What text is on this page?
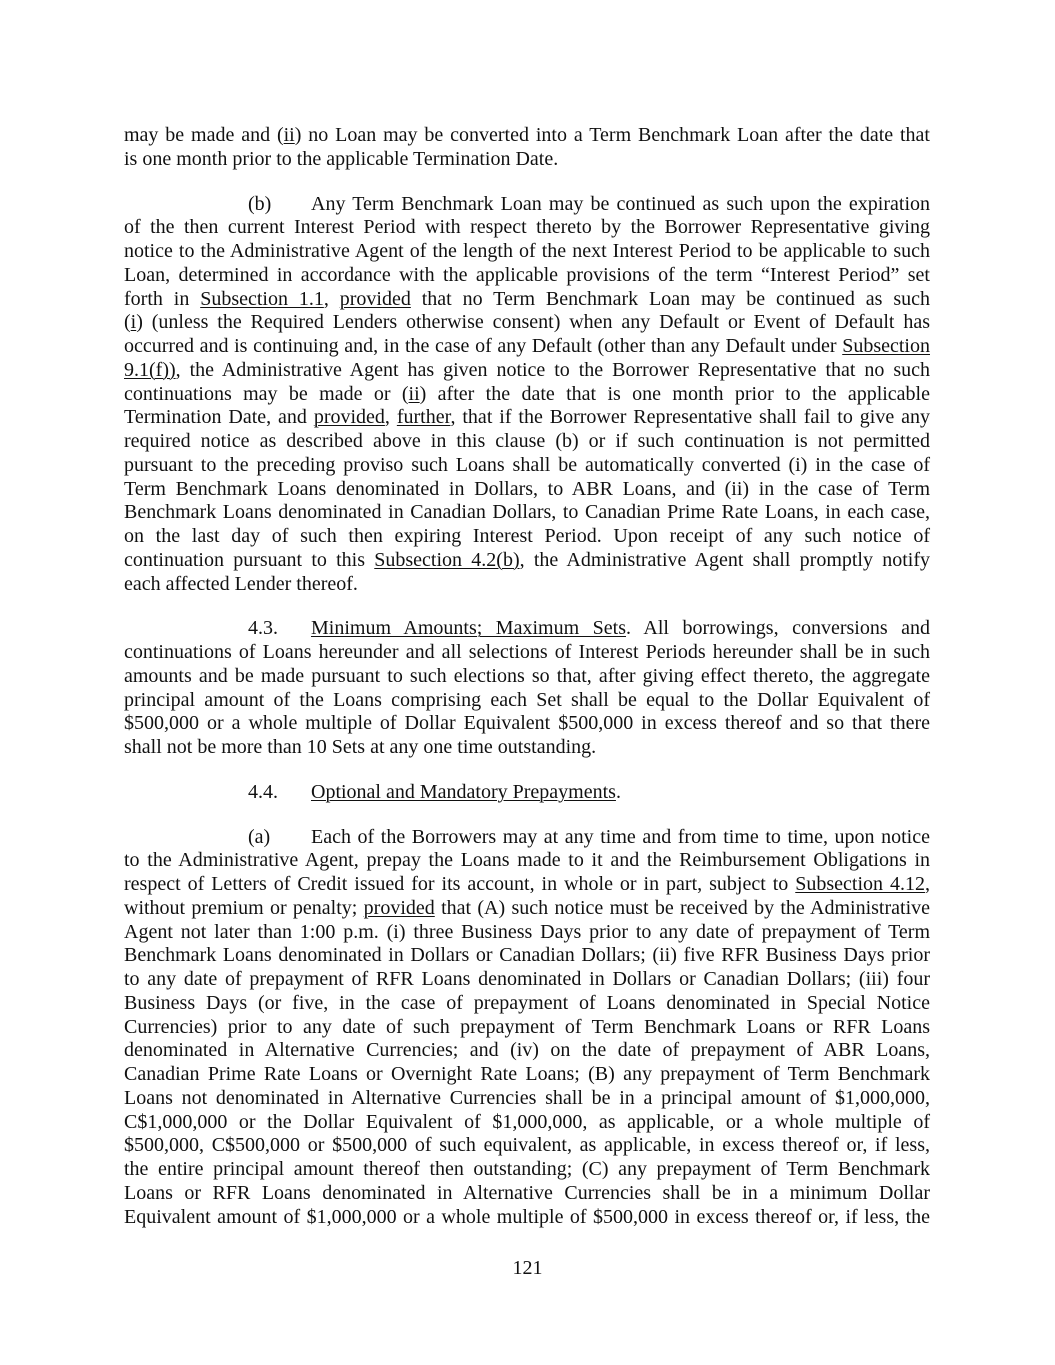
may be made and (ii) no Loan may be converted into a Term Benchmark Loan after the date that
is one month prior to the applicable Termination Date.
(b) Any Term Benchmark Loan may be continued as such upon the expiration
of the then current Interest Period with respect thereto by the Borrower Representative giving
notice to the Administrative Agent of the length of the next Interest Period to be applicable to such
Loan, determined in accordance with the applicable provisions of the term “Interest Period” set
forth in Subsection 1.1, provided that no Term Benchmark Loan may be continued as such
(i) (unless the Required Lenders otherwise consent) when any Default or Event of Default has
occurred and is continuing and, in the case of any Default (other than any Default under Subsection
9.1(f)), the Administrative Agent has given notice to the Borrower Representative that no such
continuations may be made or (ii) after the date that is one month prior to the applicable
Termination Date, and provided, further, that if the Borrower Representative shall fail to give any
required notice as described above in this clause (b) or if such continuation is not permitted
pursuant to the preceding proviso such Loans shall be automatically converted (i) in the case of
Term Benchmark Loans denominated in Dollars, to ABR Loans, and (ii) in the case of Term
Benchmark Loans denominated in Canadian Dollars, to Canadian Prime Rate Loans, in each case,
on the last day of such then expiring Interest Period. Upon receipt of any such notice of
continuation pursuant to this Subsection 4.2(b), the Administrative Agent shall promptly notify
each affected Lender thereof.
4.3. Minimum Amounts; Maximum Sets. All borrowings, conversions and
continuations of Loans hereunder and all selections of Interest Periods hereunder shall be in such
amounts and be made pursuant to such elections so that, after giving effect thereto, the aggregate
principal amount of the Loans comprising each Set shall be equal to the Dollar Equivalent of
$500,000 or a whole multiple of Dollar Equivalent $500,000 in excess thereof and so that there
shall not be more than 10 Sets at any one time outstanding.
4.4. Optional and Mandatory Prepayments.
(a) Each of the Borrowers may at any time and from time to time, upon notice
to the Administrative Agent, prepay the Loans made to it and the Reimbursement Obligations in
respect of Letters of Credit issued for its account, in whole or in part, subject to Subsection 4.12,
without premium or penalty; provided that (A) such notice must be received by the Administrative
Agent not later than 1:00 p.m. (i) three Business Days prior to any date of prepayment of Term
Benchmark Loans denominated in Dollars or Canadian Dollars; (ii) five RFR Business Days prior
to any date of prepayment of RFR Loans denominated in Dollars or Canadian Dollars; (iii) four
Business Days (or five, in the case of prepayment of Loans denominated in Special Notice
Currencies) prior to any date of such prepayment of Term Benchmark Loans or RFR Loans
denominated in Alternative Currencies; and (iv) on the date of prepayment of ABR Loans,
Canadian Prime Rate Loans or Overnight Rate Loans; (B) any prepayment of Term Benchmark
Loans not denominated in Alternative Currencies shall be in a principal amount of $1,000,000,
C$1,000,000 or the Dollar Equivalent of $1,000,000, as applicable, or a whole multiple of
$500,000, C$500,000 or $500,000 of such equivalent, as applicable, in excess thereof or, if less,
the entire principal amount thereof then outstanding; (C) any prepayment of Term Benchmark
Loans or RFR Loans denominated in Alternative Currencies shall be in a minimum Dollar
Equivalent amount of $1,000,000 or a whole multiple of $500,000 in excess thereof or, if less, the
121
